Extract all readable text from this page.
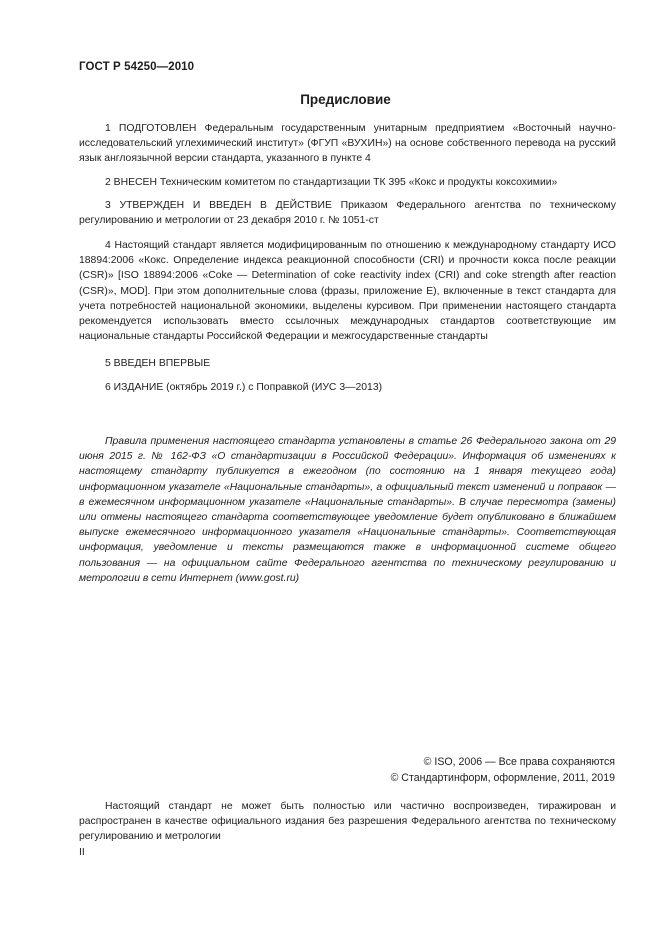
ГОСТ Р 54250—2010
Предисловие

1 ПОДГОТОВЛЕН Федеральным государственным унитарным предприятием «Восточный научно-исследовательский углехимический институт» (ФГУП «ВУХИН») на основе собственного перевода на русский язык англоязычной версии стандарта, указанного в пункте 4

2 ВНЕСЕН Техническим комитетом по стандартизации ТК 395 «Кокс и продукты коксохимии»

3 УТВЕРЖДЕН И ВВЕДЕН В ДЕЙСТВИЕ Приказом Федерального агентства по техническому регулированию и метрологии от 23 декабря 2010 г. № 1051-ст

4 Настоящий стандарт является модифицированным по отношению к международному стандарту ИСО 18894:2006 «Кокс. Определение индекса реакционной способности (CRI) и прочности кокса после реакции (CSR)» [ISO 18894:2006 «Coke — Determination of coke reactivity index (CRI) and coke strength after reaction (CSR)», MOD]. При этом дополнительные слова (фразы, приложение Е), включенные в текст стандарта для учета потребностей национальной экономики, выделены курсивом. При применении настоящего стандарта рекомендуется использовать вместо ссылочных международных стандартов соответствующие им национальные стандарты Российской Федерации и межгосударственные стандарты

5 ВВЕДЕН ВПЕРВЫЕ

6 ИЗДАНИЕ (октябрь 2019 г.) с Поправкой (ИУС 3—2013)

Правила применения настоящего стандарта установлены в статье 26 Федерального закона от 29 июня 2015 г. № 162-ФЗ «О стандартизации в Российской Федерации». Информация об изменениях к настоящему стандарту публикуется в ежегодном (по состоянию на 1 января текущего года) информационном указателе «Национальные стандарты», а официальный текст изменений и поправок — в ежемесячном информационном указателе «Национальные стандарты». В случае пересмотра (замены) или отмены настоящего стандарта соответствующее уведомление будет опубликовано в ближайшем выпуске ежемесячного информационного указателя «Национальные стандарты». Соответствующая информация, уведомление и тексты размещаются также в информационной системе общего пользования — на официальном сайте Федерального агентства по техническому регулированию и метрологии в сети Интернет (www.gost.ru)

© ISO, 2006 — Все права сохраняются
© Стандартинформ, оформление, 2011, 2019

Настоящий стандарт не может быть полностью или частично воспроизведен, тиражирован и распространен в качестве официального издания без разрешения Федерального агентства по техническому регулированию и метрологии

II
